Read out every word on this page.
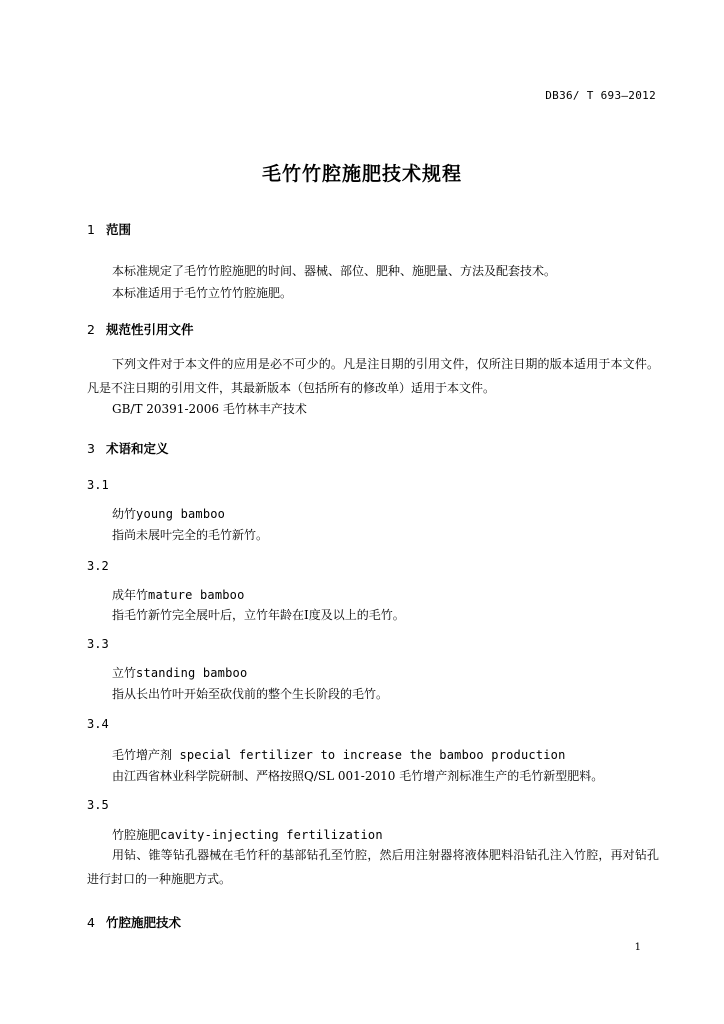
DB36/ T 693—2012
毛竹竹腔施肥技术规程
1 范围
本标准规定了毛竹竹腔施肥的时间、器械、部位、肥种、施肥量、方法及配套技术。
本标准适用于毛竹立竹竹腔施肥。
2 规范性引用文件
下列文件对于本文件的应用是必不可少的。凡是注日期的引用文件，仅所注日期的版本适用于本文件。凡是不注日期的引用文件，其最新版本（包括所有的修改单）适用于本文件。
GB/T 20391-2006 毛竹林丰产技术
3 术语和定义
3.1
幼竹young bamboo
指尚未展叶完全的毛竹新竹。
3.2
成年竹mature bamboo
指毛竹新竹完全展叶后，立竹年龄在Ⅰ度及以上的毛竹。
3.3
立竹standing bamboo
指从长出竹叶开始至砍伐前的整个生长阶段的毛竹。
3.4
毛竹增产剂 special fertilizer to increase the bamboo production
由江西省林业科学院研制、严格按照Q/SL 001-2010 毛竹增产剂标准生产的毛竹新型肥料。
3.5
竹腔施肥cavity-injecting fertilization
用钻、锥等钻孔器械在毛竹秆的基部钻孔至竹腔，然后用注射器将液体肥料沿钻孔注入竹腔，再对钻孔进行封口的一种施肥方式。
4 竹腔施肥技术
1
